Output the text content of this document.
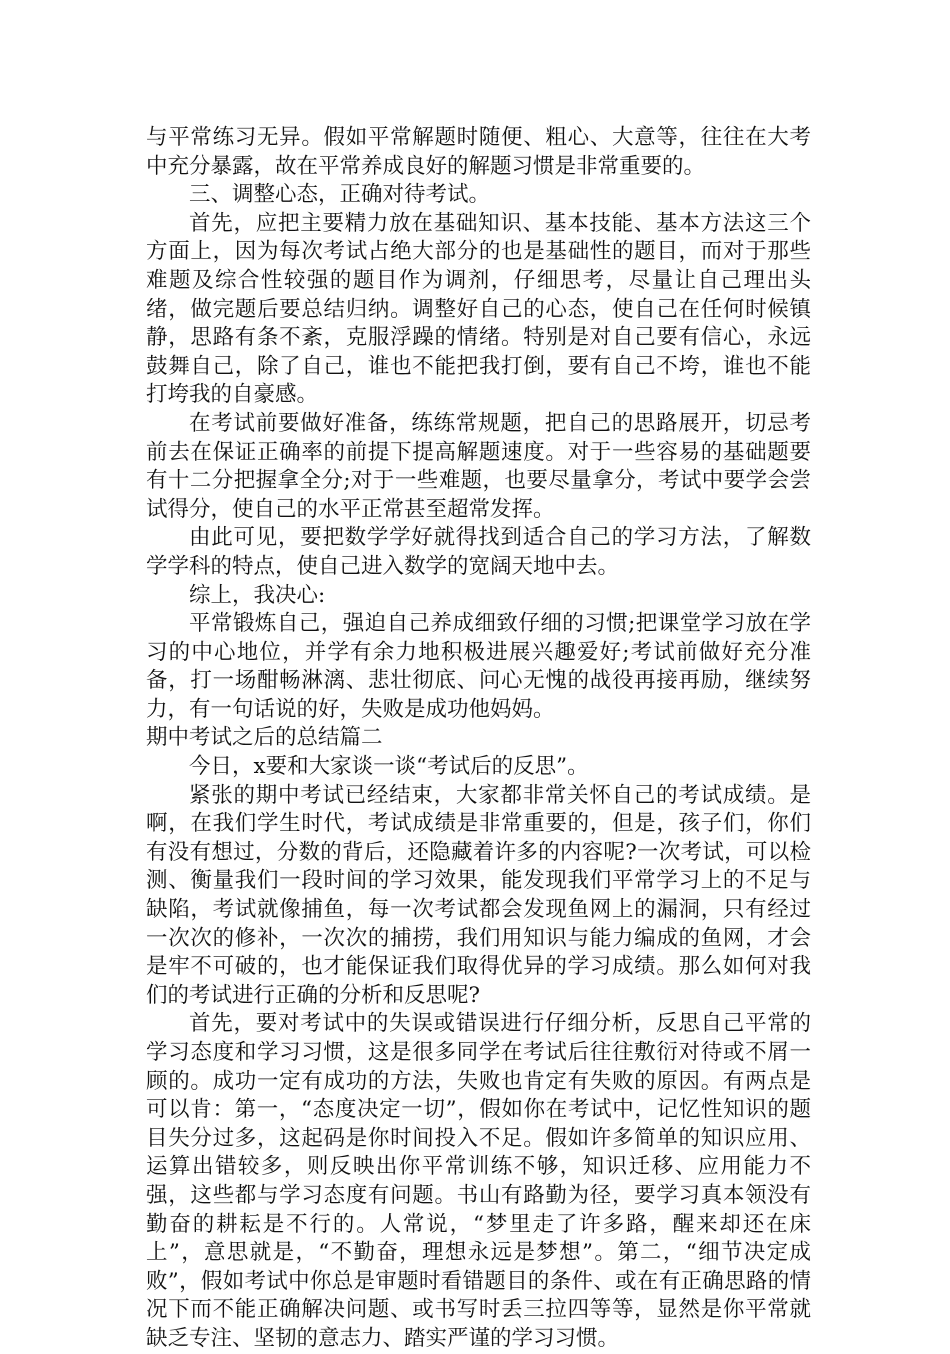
与平常练习无异。假如平常解题时随便、粗心、大意等，往往在大考中充分暴露，故在平常养成良好的解题习惯是非常重要的。

三、调整心态，正确对待考试。

首先，应把主要精力放在基础知识、基本技能、基本方法这三个方面上，因为每次考试占绝大部分的也是基础性的题目，而对于那些难题及综合性较强的题目作为调剂，仔细思考，尽量让自己理出头绪，做完题后要总结归纳。调整好自己的心态，使自己在任何时候镇静，思路有条不紊，克服浮躁的情绪。特别是对自己要有信心，永远鼓舞自己，除了自己，谁也不能把我打倒，要有自己不垮，谁也不能打垮我的自豪感。

在考试前要做好准备，练练常规题，把自己的思路展开，切忌考前去在保证正确率的前提下提高解题速度。对于一些容易的基础题要有十二分把握拿全分;对于一些难题，也要尽量拿分，考试中要学会尝试得分，使自己的水平正常甚至超常发挥。

由此可见，要把数学学好就得找到适合自己的学习方法，了解数学学科的特点，使自己进入数学的宽阔天地中去。

综上，我决心:

平常锻炼自己，强迫自己养成细致仔细的习惯;把课堂学习放在学习的中心地位，并学有余力地积极进展兴趣爱好;考试前做好充分准备，打一场酣畅淋漓、悲壮彻底、问心无愧的战役再接再励，继续努力，有一句话说的好，失败是成功他妈妈。

期中考试之后的总结篇二

今日，x要和大家谈一谈“考试后的反思”。

紧张的期中考试已经结束，大家都非常关怀自己的考试成绩。是啊，在我们学生时代，考试成绩是非常重要的，但是，孩子们，你们有没有想过，分数的背后，还隐藏着许多的内容呢?一次考试，可以检测、衡量我们一段时间的学习效果，能发现我们平常学习上的不足与缺陷，考试就像捕鱼，每一次考试都会发现鱼网上的漏洞，只有经过一次次的修补，一次次的捕捞，我们用知识与能力编成的鱼网，才会是牢不可破的，也才能保证我们取得优异的学习成绩。那么如何对我们的考试进行正确的分析和反思呢?

首先，要对考试中的失误或错误进行仔细分析，反思自己平常的学习态度和学习习惯，这是很多同学在考试后往往敷衍对待或不屑一顾的。成功一定有成功的方法，失败也肯定有失败的原因。有两点是可以肯：第一，“态度决定一切”，假如你在考试中，记忆性知识的题目失分过多，这起码是你时间投入不足。假如许多简单的知识应用、运算出错较多，则反映出你平常训练不够，知识迁移、应用能力不强，这些都与学习态度有问题。书山有路勤为径，要学习真本领没有勤奋的耕耘是不行的。人常说，“梦里走了许多路，醒来却还在床上”，意思就是，“不勤奋，理想永远是梦想”。第二，“细节决定成败”，假如考试中你总是审题时看错题目的条件、或在有正确思路的情况下而不能正确解决问题、或书写时丢三拉四等等，显然是你平常就缺乏专注、坚韧的意志力、踏实严谨的学习习惯。
